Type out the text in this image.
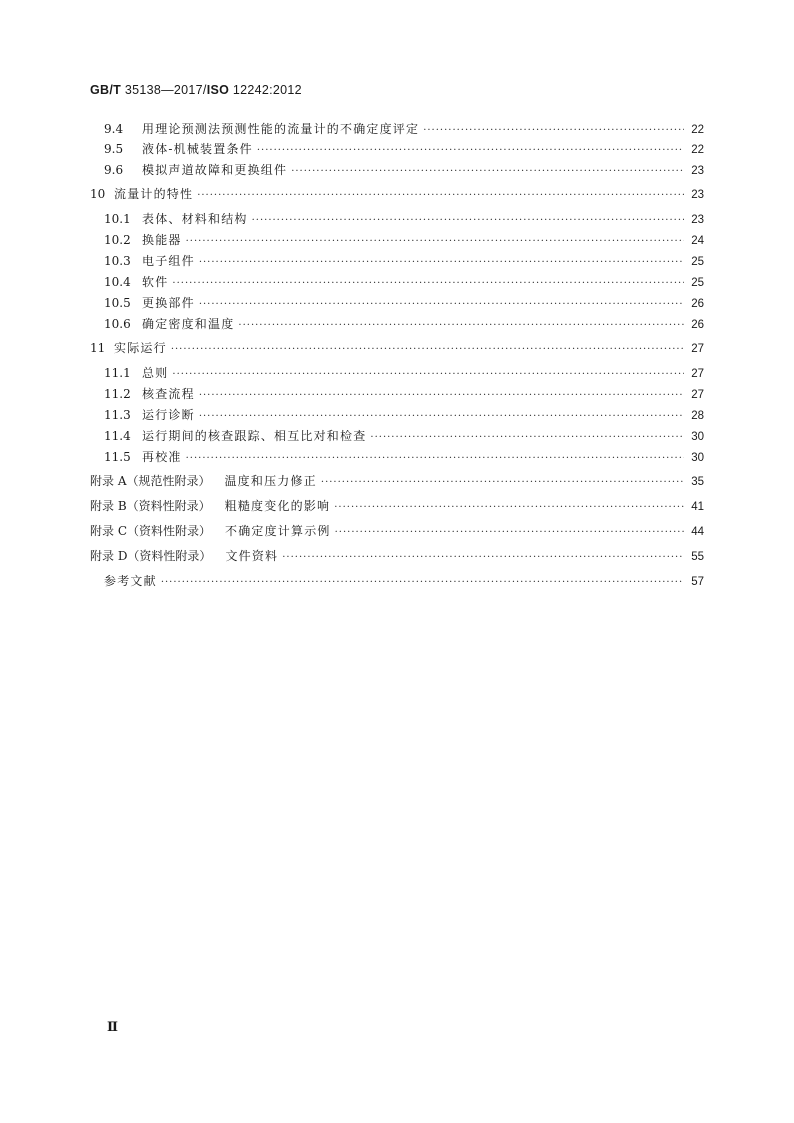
GB/T 35138—2017/ISO 12242:2012
9.4	用理论预测法预测性能的流量计的不确定度评定 ·····	22
9.5	液体-机械装置条件 ·····	22
9.6	模拟声道故障和更换组件 ·····	23
10 流量计的特性 ·····	23
10.1 表体、材料和结构 ·····	23
10.2 换能器 ·····	24
10.3 电子组件 ·····	25
10.4 软件 ·····	25
10.5 更换部件 ·····	26
10.6 确定密度和温度 ·····	26
11 实际运行 ·····	27
11.1 总则 ·····	27
11.2 核查流程 ·····	27
11.3 运行诊断 ·····	28
11.4 运行期间的核查跟踪、相互比对和检查 ·····	30
11.5 再校准 ·····	30
附录 A（规范性附录） 温度和压力修正 ·····	35
附录 B（资料性附录） 粗糙度变化的影响 ·····	41
附录 C（资料性附录） 不确定度计算示例 ·····	44
附录 D（资料性附录） 文件资料 ·····	55
参考文献 ·····	57
Ⅱ
